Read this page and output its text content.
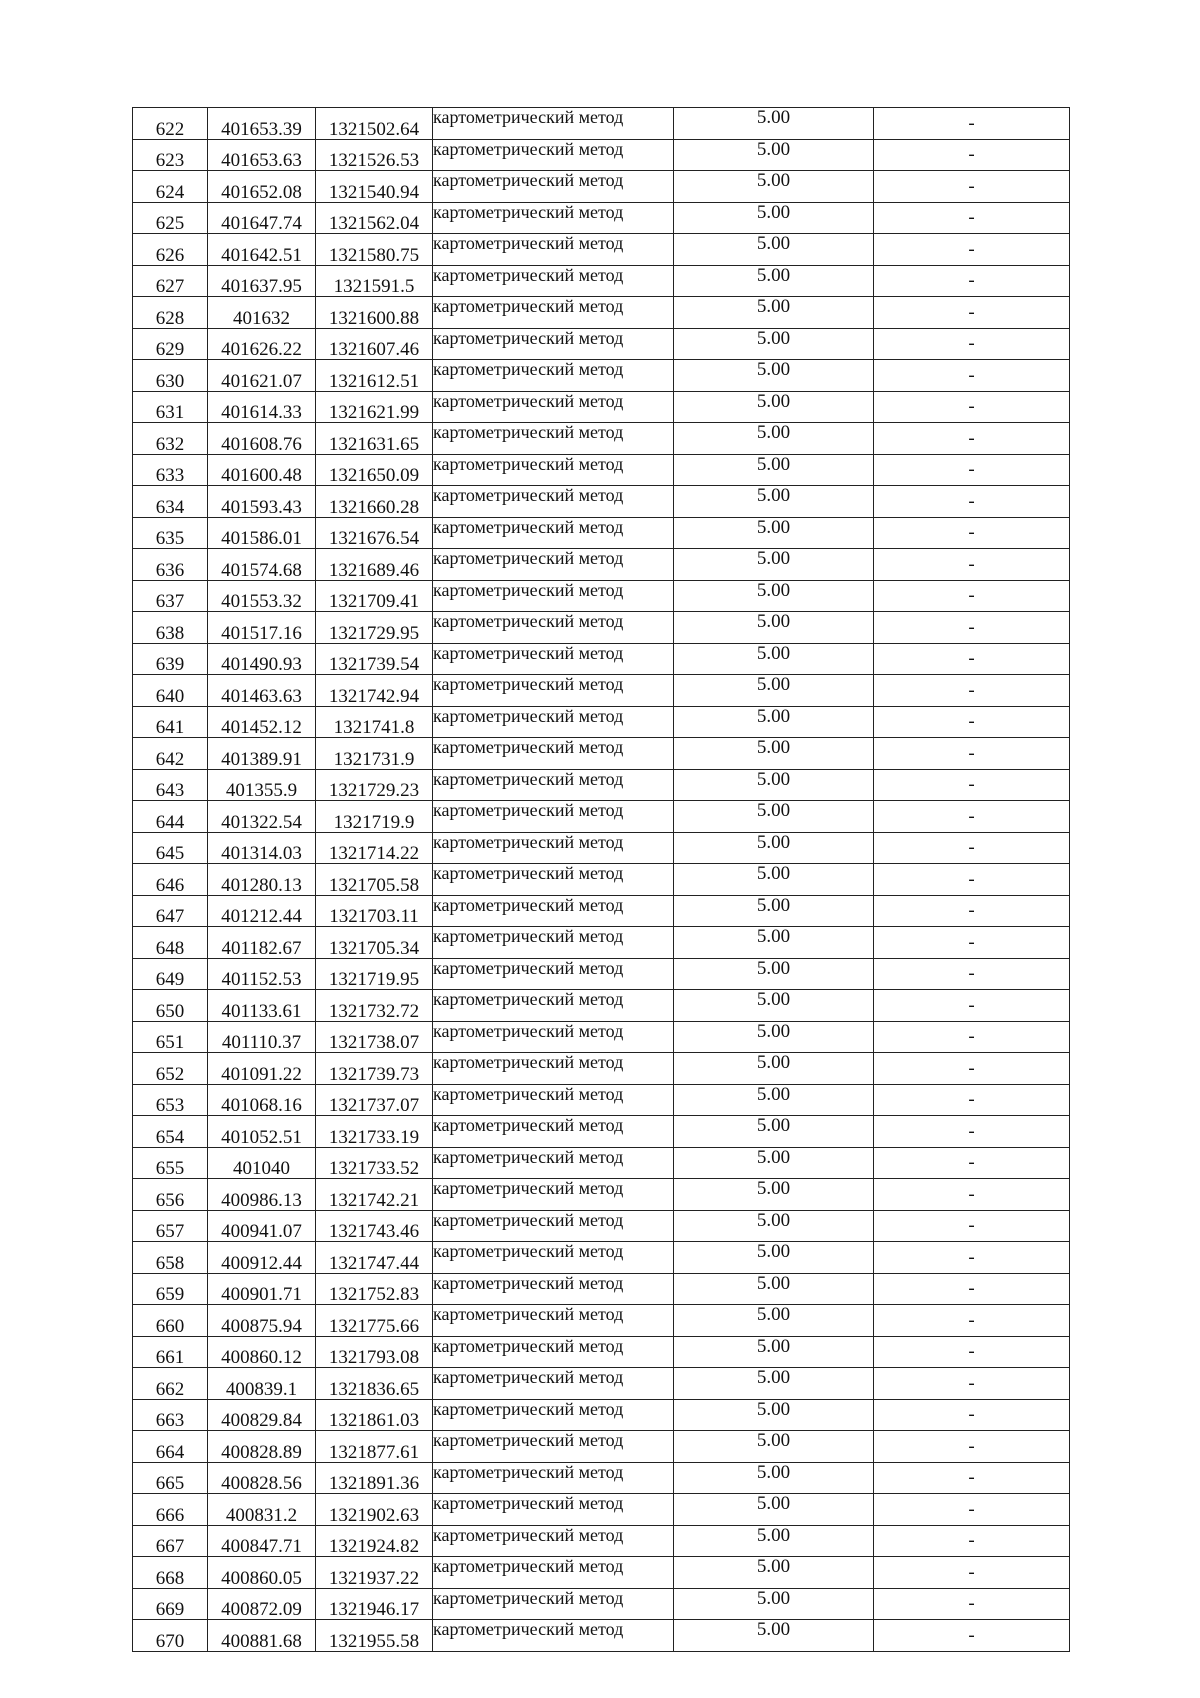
622	401653.39	1321502.64	картометрический метод	5.00	-
623	401653.63	1321526.53	картометрический метод	5.00	-
624	401652.08	1321540.94	картометрический метод	5.00	-
625	401647.74	1321562.04	картометрический метод	5.00	-
626	401642.51	1321580.75	картометрический метод	5.00	-
627	401637.95	1321591.5	картометрический метод	5.00	-
628	401632	1321600.88	картометрический метод	5.00	-
629	401626.22	1321607.46	картометрический метод	5.00	-
630	401621.07	1321612.51	картометрический метод	5.00	-
631	401614.33	1321621.99	картометрический метод	5.00	-
632	401608.76	1321631.65	картометрический метод	5.00	-
633	401600.48	1321650.09	картометрический метод	5.00	-
634	401593.43	1321660.28	картометрический метод	5.00	-
635	401586.01	1321676.54	картометрический метод	5.00	-
636	401574.68	1321689.46	картометрический метод	5.00	-
637	401553.32	1321709.41	картометрический метод	5.00	-
638	401517.16	1321729.95	картометрический метод	5.00	-
639	401490.93	1321739.54	картометрический метод	5.00	-
640	401463.63	1321742.94	картометрический метод	5.00	-
641	401452.12	1321741.8	картометрический метод	5.00	-
642	401389.91	1321731.9	картометрический метод	5.00	-
643	401355.9	1321729.23	картометрический метод	5.00	-
644	401322.54	1321719.9	картометрический метод	5.00	-
645	401314.03	1321714.22	картометрический метод	5.00	-
646	401280.13	1321705.58	картометрический метод	5.00	-
647	401212.44	1321703.11	картометрический метод	5.00	-
648	401182.67	1321705.34	картометрический метод	5.00	-
649	401152.53	1321719.95	картометрический метод	5.00	-
650	401133.61	1321732.72	картометрический метод	5.00	-
651	401110.37	1321738.07	картометрический метод	5.00	-
652	401091.22	1321739.73	картометрический метод	5.00	-
653	401068.16	1321737.07	картометрический метод	5.00	-
654	401052.51	1321733.19	картометрический метод	5.00	-
655	401040	1321733.52	картометрический метод	5.00	-
656	400986.13	1321742.21	картометрический метод	5.00	-
657	400941.07	1321743.46	картометрический метод	5.00	-
658	400912.44	1321747.44	картометрический метод	5.00	-
659	400901.71	1321752.83	картометрический метод	5.00	-
660	400875.94	1321775.66	картометрический метод	5.00	-
661	400860.12	1321793.08	картометрический метод	5.00	-
662	400839.1	1321836.65	картометрический метод	5.00	-
663	400829.84	1321861.03	картометрический метод	5.00	-
664	400828.89	1321877.61	картометрический метод	5.00	-
665	400828.56	1321891.36	картометрический метод	5.00	-
666	400831.2	1321902.63	картометрический метод	5.00	-
667	400847.71	1321924.82	картометрический метод	5.00	-
668	400860.05	1321937.22	картометрический метод	5.00	-
669	400872.09	1321946.17	картометрический метод	5.00	-
670	400881.68	1321955.58	картометрический метод	5.00	-
